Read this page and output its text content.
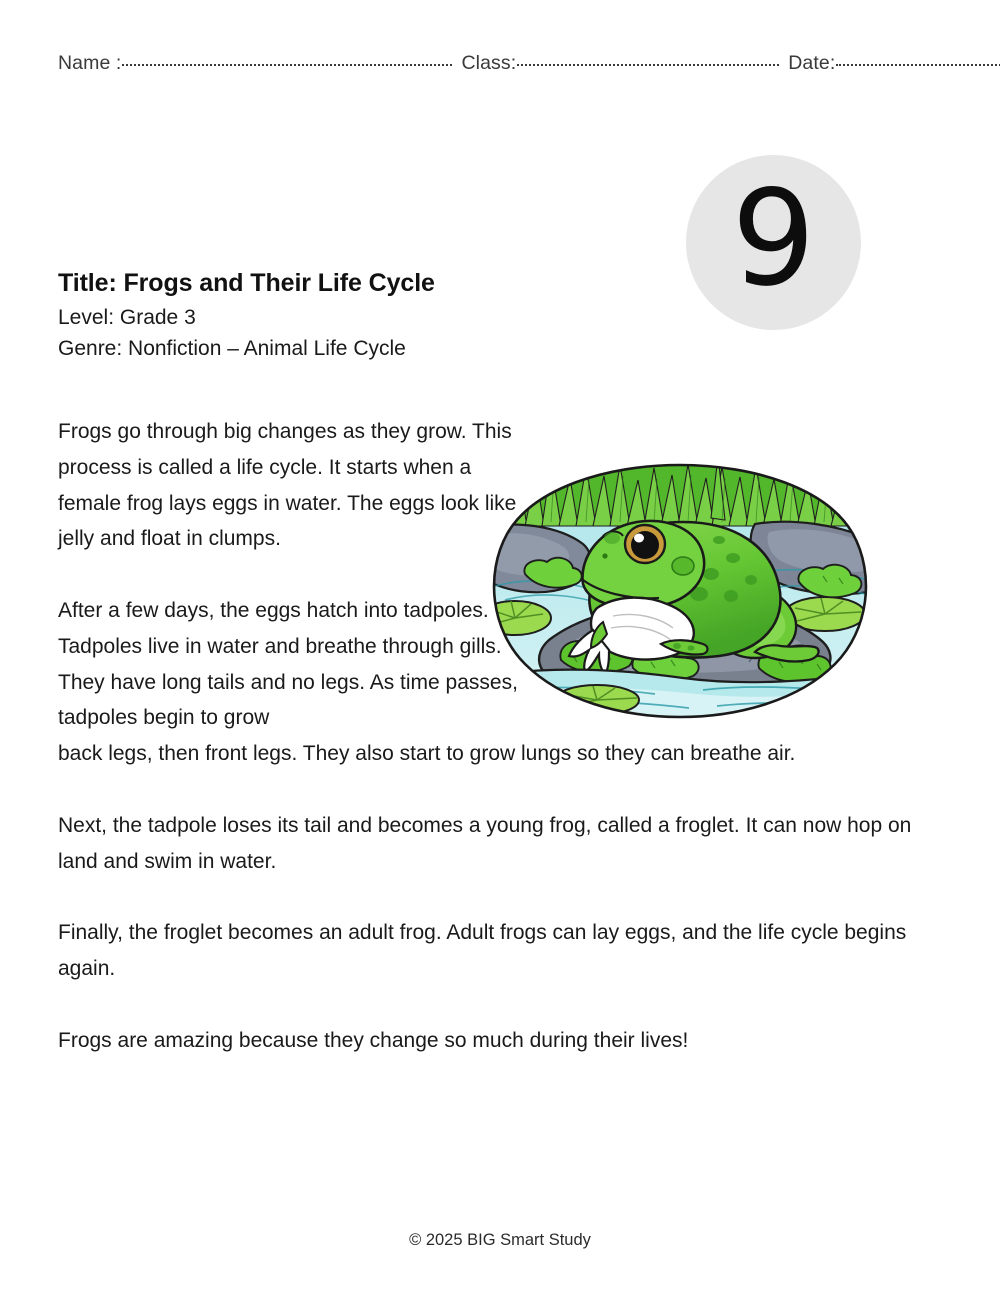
Name :	Class:	Date:
9
Title: Frogs and Their Life Cycle

Level: Grade 3

Genre: Nonfiction – Animal Life Cycle

Frogs go through big changes as they grow. This process is called a life cycle. It starts when a female frog lays eggs in water. The eggs look like jelly and float in clumps.

After a few days, the eggs hatch into tadpoles. Tadpoles live in water and breathe through gills. They have long tails and no legs. As time passes, tadpoles begin to grow

back legs, then front legs. They also start to grow lungs so they can breathe air.

Next, the tadpole loses its tail and becomes a young frog, called a froglet. It can now hop on land and swim in water.

Finally, the froglet becomes an adult frog. Adult frogs can lay eggs, and the life cycle begins again.

Frogs are amazing because they change so much during their lives!

© 2025 BIG Smart Study
